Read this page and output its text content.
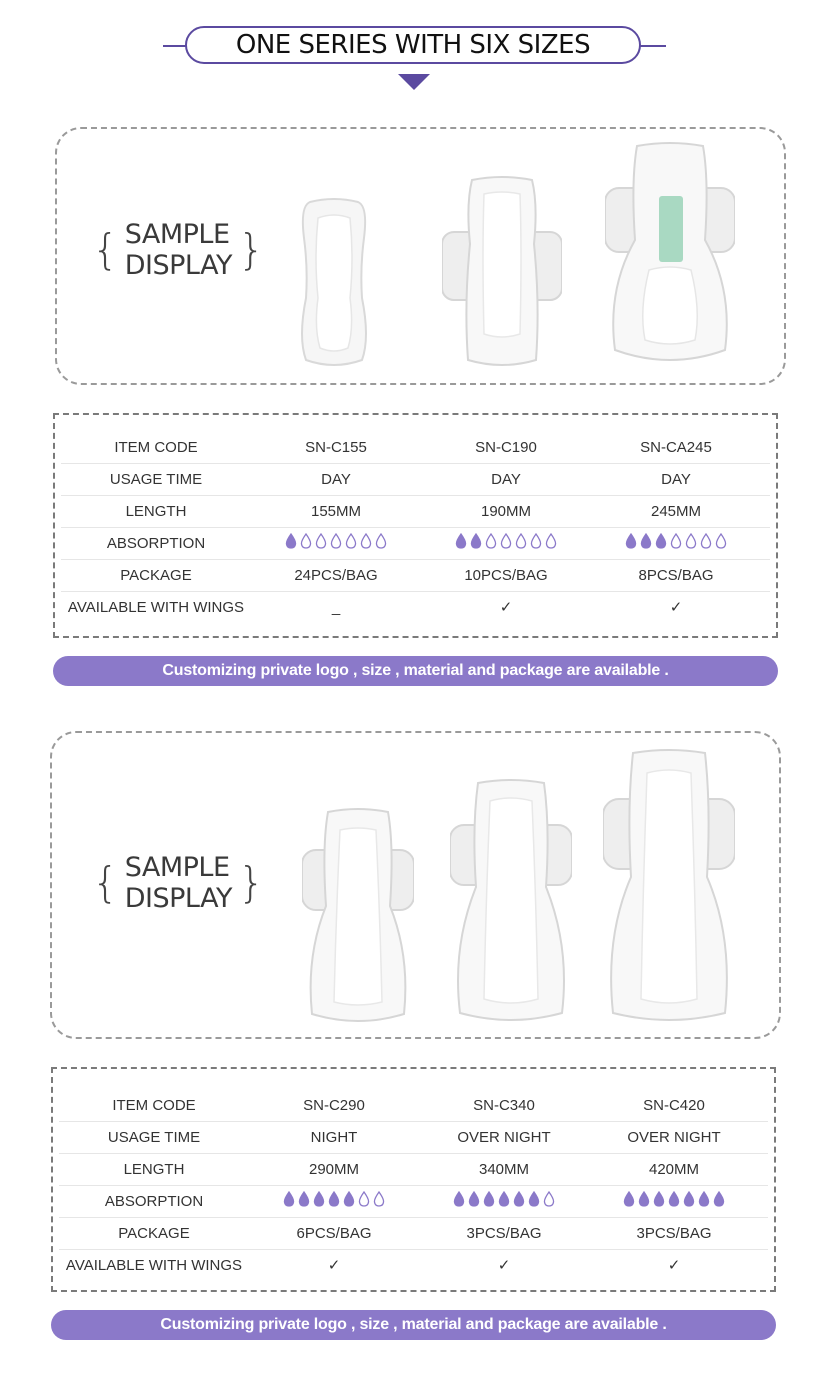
ONE SERIES WITH SIX SIZES
{ SAMPLE
DISPLAY }
ITEM CODE	SN-C155	SN-C190	SN-CA245
USAGE TIME	DAY	DAY	DAY
LENGTH	155MM	190MM	245MM
ABSORPTION
PACKAGE	24PCS/BAG	10PCS/BAG	8PCS/BAG
AVAILABLE WITH WINGS	_	✓	✓
Customizing private logo , size , material and package are available .
{ SAMPLE
DISPLAY }
ITEM CODE	SN-C290	SN-C340	SN-C420
USAGE TIME	NIGHT	OVER NIGHT	OVER NIGHT
LENGTH	290MM	340MM	420MM
ABSORPTION
PACKAGE	6PCS/BAG	3PCS/BAG	3PCS/BAG
AVAILABLE WITH WINGS	✓	✓	✓
Customizing private logo , size , material and package are available .
